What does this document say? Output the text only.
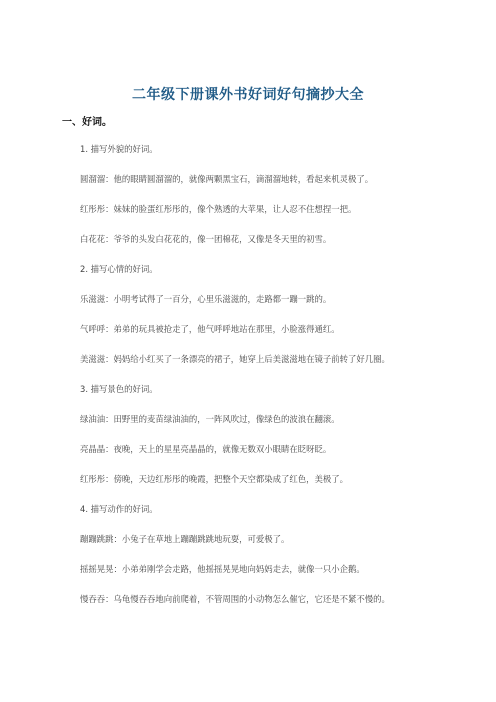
二年级下册课外书好词好句摘抄大全
一、好词。
1. 描写外貌的好词。
圆溜溜：他的眼睛圆溜溜的，就像两颗黑宝石，滴溜溜地转，看起来机灵极了。
红彤彤：妹妹的脸蛋红彤彤的，像个熟透的大苹果，让人忍不住想捏一把。
白花花：爷爷的头发白花花的，像一团棉花，又像是冬天里的初雪。
2. 描写心情的好词。
乐滋滋：小明考试得了一百分，心里乐滋滋的，走路都一蹦一跳的。
气呼呼：弟弟的玩具被抢走了，他气呼呼地站在那里，小脸涨得通红。
美滋滋：妈妈给小红买了一条漂亮的裙子，她穿上后美滋滋地在镜子前转了好几圈。
3. 描写景色的好词。
绿油油：田野里的麦苗绿油油的，一阵风吹过，像绿色的波浪在翻滚。
亮晶晶：夜晚，天上的星星亮晶晶的，就像无数双小眼睛在眨呀眨。
红彤彤：傍晚，天边红彤彤的晚霞，把整个天空都染成了红色，美极了。
4. 描写动作的好词。
蹦蹦跳跳：小兔子在草地上蹦蹦跳跳地玩耍，可爱极了。
摇摇晃晃：小弟弟刚学会走路，他摇摇晃晃地向妈妈走去，就像一只小企鹅。
慢吞吞：乌龟慢吞吞地向前爬着，不管周围的小动物怎么催它，它还是不紧不慢的。
